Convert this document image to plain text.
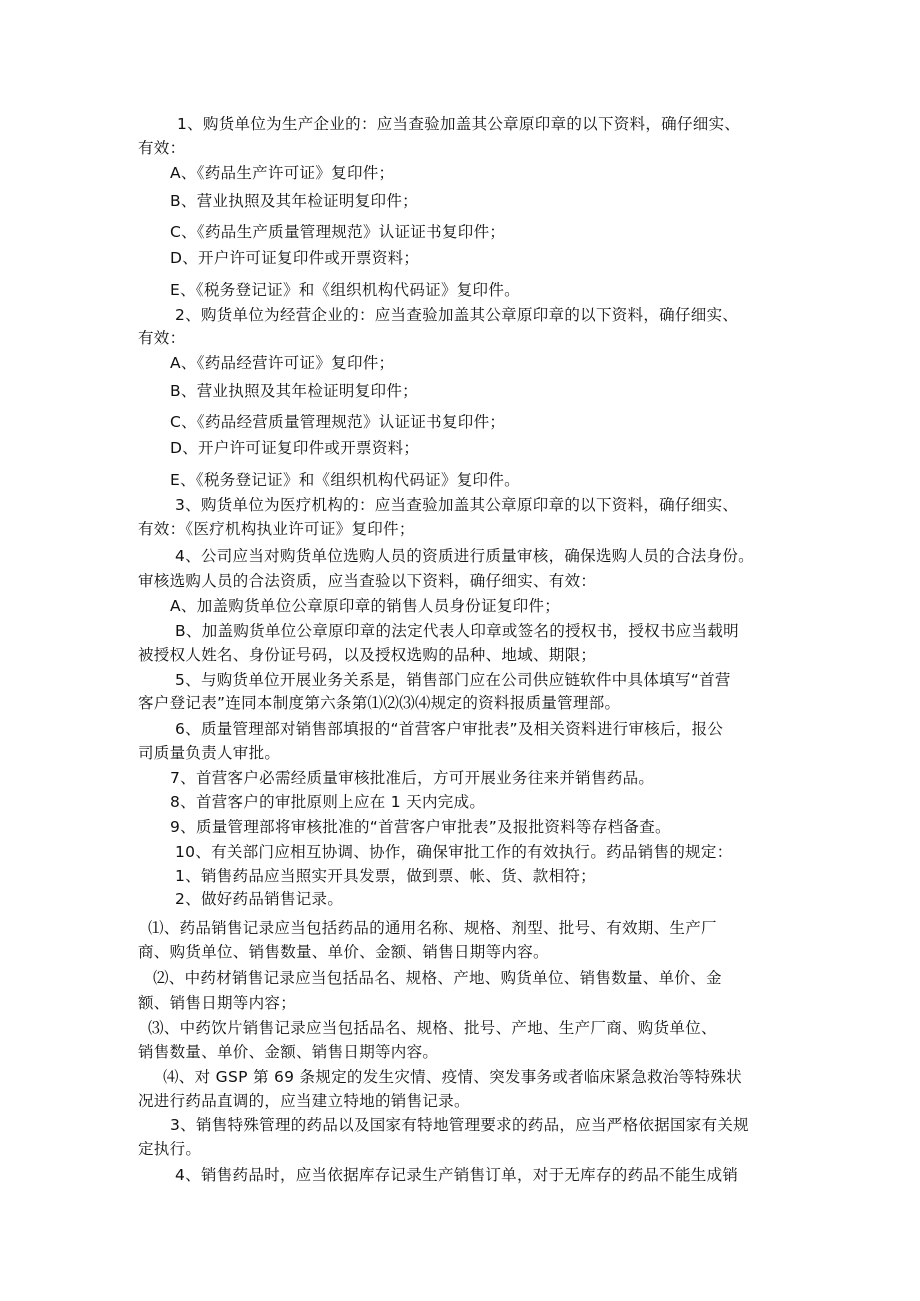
1、购货单位为生产企业的：应当查验加盖其公章原印章的以下资料，确仔细实、

有效：

A、《药品生产许可证》复印件；

B、营业执照及其年检证明复印件；

C、《药品生产质量管理规范》认证证书复印件；

D、开户许可证复印件或开票资料；

E、《税务登记证》和《组织机构代码证》复印件。

2、购货单位为经营企业的：应当查验加盖其公章原印章的以下资料，确仔细实、

有效：

A、《药品经营许可证》复印件；

B、营业执照及其年检证明复印件；

C、《药品经营质量管理规范》认证证书复印件；

D、开户许可证复印件或开票资料；

E、《税务登记证》和《组织机构代码证》复印件。

3、购货单位为医疗机构的：应当查验加盖其公章原印章的以下资料，确仔细实、

有效：《医疗机构执业许可证》复印件；

4、公司应当对购货单位选购人员的资质进行质量审核，确保选购人员的合法身份。

审核选购人员的合法资质，应当查验以下资料，确仔细实、有效：

A、加盖购货单位公章原印章的销售人员身份证复印件；

B、加盖购货单位公章原印章的法定代表人印章或签名的授权书，授权书应当载明

被授权人姓名、身份证号码，以及授权选购的品种、地域、期限；

5、与购货单位开展业务关系是，销售部门应在公司供应链软件中具体填写“首营

客户登记表”连同本制度第六条第⑴⑵⑶⑷规定的资料报质量管理部。

6、质量管理部对销售部填报的“首营客户审批表”及相关资料进行审核后，报公

司质量负责人审批。

7、首营客户必需经质量审核批准后，方可开展业务往来并销售药品。

8、首营客户的审批原则上应在 1 天内完成。

9、质量管理部将审核批准的“首营客户审批表”及报批资料等存档备查。

10、有关部门应相互协调、协作，确保审批工作的有效执行。药品销售的规定：

1、销售药品应当照实开具发票，做到票、帐、货、款相符；

2、做好药品销售记录。

⑴、药品销售记录应当包括药品的通用名称、规格、剂型、批号、有效期、生产厂

商、购货单位、销售数量、单价、金额、销售日期等内容。

⑵、中药材销售记录应当包括品名、规格、产地、购货单位、销售数量、单价、金

额、销售日期等内容；

⑶、中药饮片销售记录应当包括品名、规格、批号、产地、生产厂商、购货单位、

销售数量、单价、金额、销售日期等内容。

⑷、对 GSP 第 69 条规定的发生灾情、疫情、突发事务或者临床紧急救治等特殊状

况进行药品直调的，应当建立特地的销售记录。

3、销售特殊管理的药品以及国家有特地管理要求的药品，应当严格依据国家有关规

定执行。

4、销售药品时，应当依据库存记录生产销售订单，对于无库存的药品不能生成销
